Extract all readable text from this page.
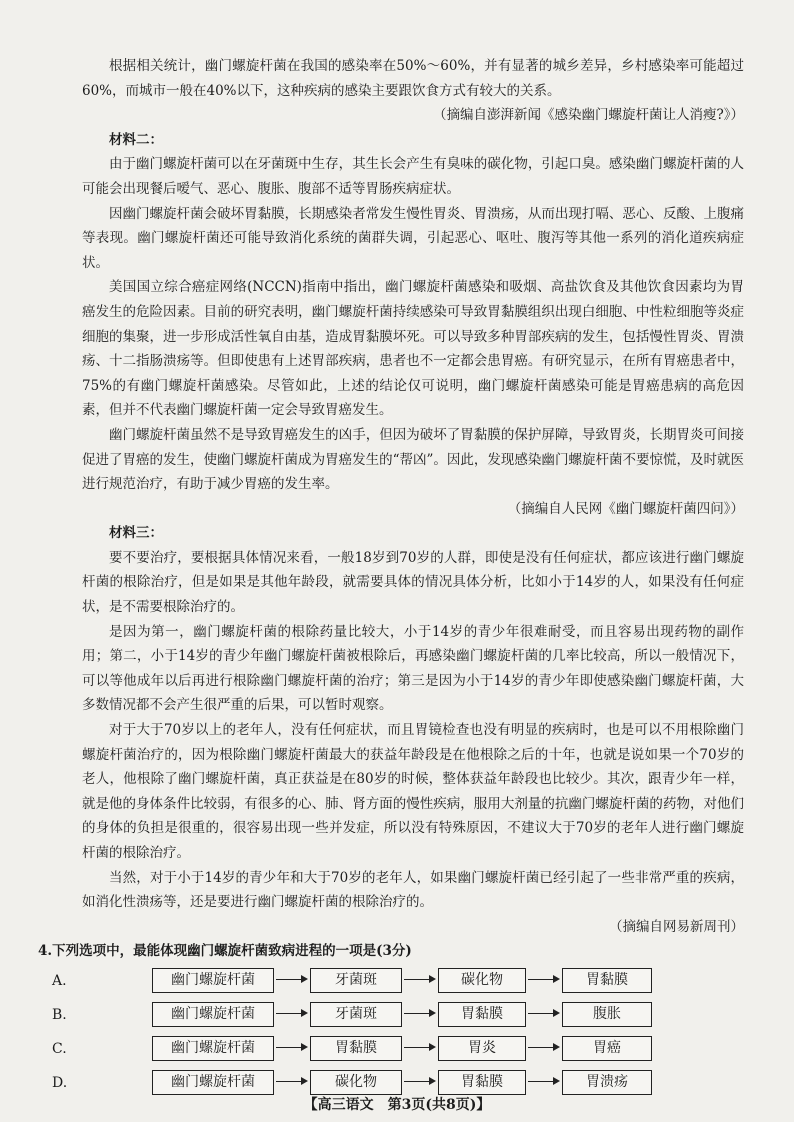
根据相关统计，幽门螺旋杆菌在我国的感染率在50%～60%，并有显著的城乡差异，乡村感染率可能超过60%，而城市一般在40%以下，这种疾病的感染主要跟饮食方式有较大的关系。

（摘编自澎湃新闻《感染幽门螺旋杆菌让人消瘦?》）

材料二：

由于幽门螺旋杆菌可以在牙菌斑中生存，其生长会产生有臭味的碳化物，引起口臭。感染幽门螺旋杆菌的人可能会出现餐后嗳气、恶心、腹胀、腹部不适等胃肠疾病症状。

因幽门螺旋杆菌会破坏胃黏膜，长期感染者常发生慢性胃炎、胃溃疡，从而出现打嗝、恶心、反酸、上腹痛等表现。幽门螺旋杆菌还可能导致消化系统的菌群失调，引起恶心、呕吐、腹泻等其他一系列的消化道疾病症状。

美国国立综合癌症网络(NCCN)指南中指出，幽门螺旋杆菌感染和吸烟、高盐饮食及其他饮食因素均为胃癌发生的危险因素。目前的研究表明，幽门螺旋杆菌持续感染可导致胃黏膜组织出现白细胞、中性粒细胞等炎症细胞的集聚，进一步形成活性氧自由基，造成胃黏膜坏死。可以导致多种胃部疾病的发生，包括慢性胃炎、胃溃疡、十二指肠溃疡等。但即使患有上述胃部疾病，患者也不一定都会患胃癌。有研究显示，在所有胃癌患者中，75%的有幽门螺旋杆菌感染。尽管如此，上述的结论仅可说明，幽门螺旋杆菌感染可能是胃癌患病的高危因素，但并不代表幽门螺旋杆菌一定会导致胃癌发生。

幽门螺旋杆菌虽然不是导致胃癌发生的凶手，但因为破坏了胃黏膜的保护屏障，导致胃炎，长期胃炎可间接促进了胃癌的发生，使幽门螺旋杆菌成为胃癌发生的“帮凶”。因此，发现感染幽门螺旋杆菌不要惊慌，及时就医进行规范治疗，有助于减少胃癌的发生率。

（摘编自人民网《幽门螺旋杆菌四问》）

材料三：

要不要治疗，要根据具体情况来看，一般18岁到70岁的人群，即使是没有任何症状，都应该进行幽门螺旋杆菌的根除治疗，但是如果是其他年龄段，就需要具体的情况具体分析，比如小于14岁的人，如果没有任何症状，是不需要根除治疗的。

是因为第一，幽门螺旋杆菌的根除药量比较大，小于14岁的青少年很难耐受，而且容易出现药物的副作用；第二，小于14岁的青少年幽门螺旋杆菌被根除后，再感染幽门螺旋杆菌的几率比较高，所以一般情况下，可以等他成年以后再进行根除幽门螺旋杆菌的治疗；第三是因为小于14岁的青少年即使感染幽门螺旋杆菌，大多数情况都不会产生很严重的后果，可以暂时观察。

对于大于70岁以上的老年人，没有任何症状，而且胃镜检查也没有明显的疾病时，也是可以不用根除幽门螺旋杆菌治疗的，因为根除幽门螺旋杆菌最大的获益年龄段是在他根除之后的十年，也就是说如果一个70岁的老人，他根除了幽门螺旋杆菌，真正获益是在80岁的时候，整体获益年龄段也比较少。其次，跟青少年一样，就是他的身体条件比较弱，有很多的心、肺、肾方面的慢性疾病，服用大剂量的抗幽门螺旋杆菌的药物，对他们的身体的负担是很重的，很容易出现一些并发症，所以没有特殊原因，不建议大于70岁的老年人进行幽门螺旋杆菌的根除治疗。

当然，对于小于14岁的青少年和大于70岁的老年人，如果幽门螺旋杆菌已经引起了一些非常严重的疾病，如消化性溃疡等，还是要进行幽门螺旋杆菌的根除治疗的。

（摘编自网易新周刊）

4.下列选项中，最能体现幽门螺旋杆菌致病进程的一项是(3分)

A.	幽门螺旋杆菌	牙菌斑	碳化物	胃黏膜
B.	幽门螺旋杆菌	牙菌斑	胃黏膜	腹胀
C.	幽门螺旋杆菌	胃黏膜	胃炎	胃癌
D.	幽门螺旋杆菌	碳化物	胃黏膜	胃溃疡
【高三语文　第3页(共8页)】
